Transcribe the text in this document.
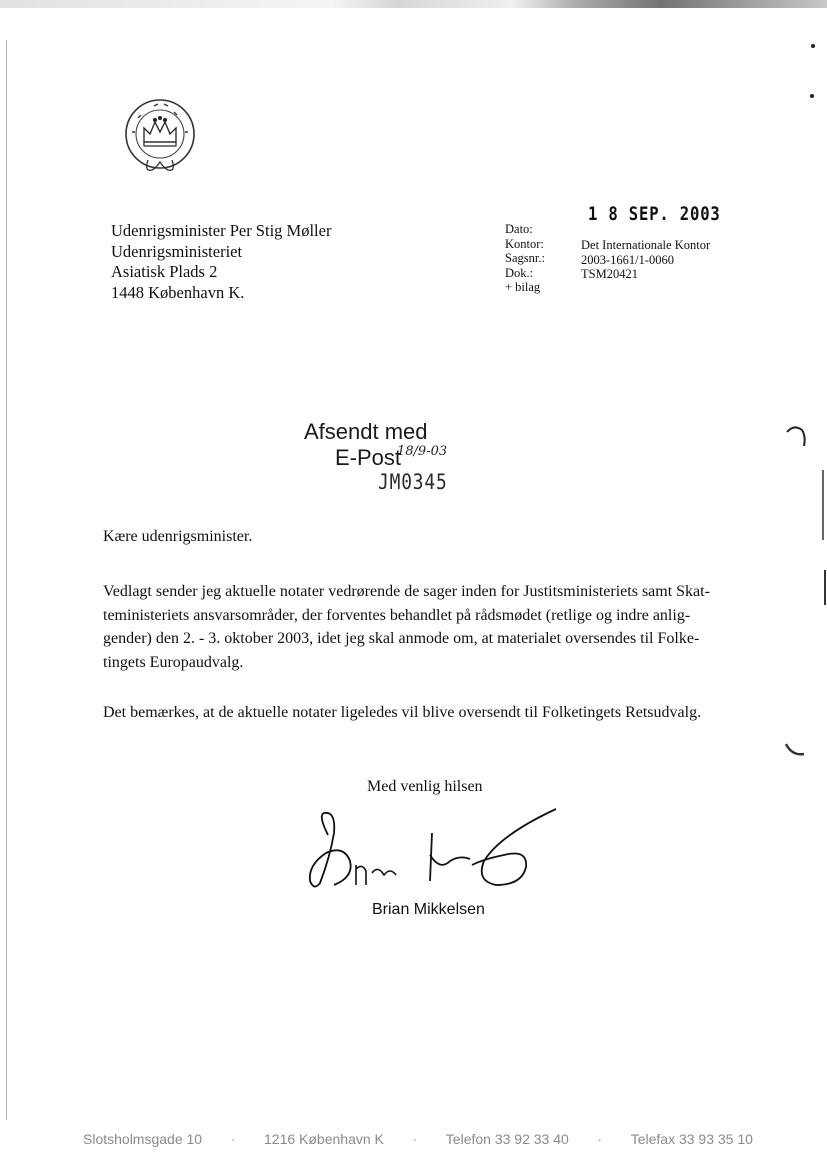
Udenrigsminister Per Stig Møller
Udenrigsministeriet
Asiatisk Plads 2
1448 København K.
1 8 SEP. 2003
Dato:
Kontor:
Sagsnr.:
Dok.:
+ bilag
Det Internationale Kontor
2003-1661/1-0060
TSM20421
Afsendt med
E-Post
18/9-03
JM0345
Kære udenrigsminister.
Vedlagt sender jeg aktuelle notater vedrørende de sager inden for Justitsministeriets samt Skat-
teministeriets ansvarsområder, der forventes behandlet på rådsmødet (retlige og indre anlig-
gender) den 2. - 3. oktober 2003, idet jeg skal anmode om, at materialet oversendes til Folke-
tingets Europaudvalg.
Det bemærkes, at de aktuelle notater ligeledes vil blive oversendt til Folketingets Retsudvalg.
Med venlig hilsen
Brian Mikkelsen
Slotsholmsgade 10 · 1216 København K · Telefon 33 92 33 40 · Telefax 33 93 35 10
